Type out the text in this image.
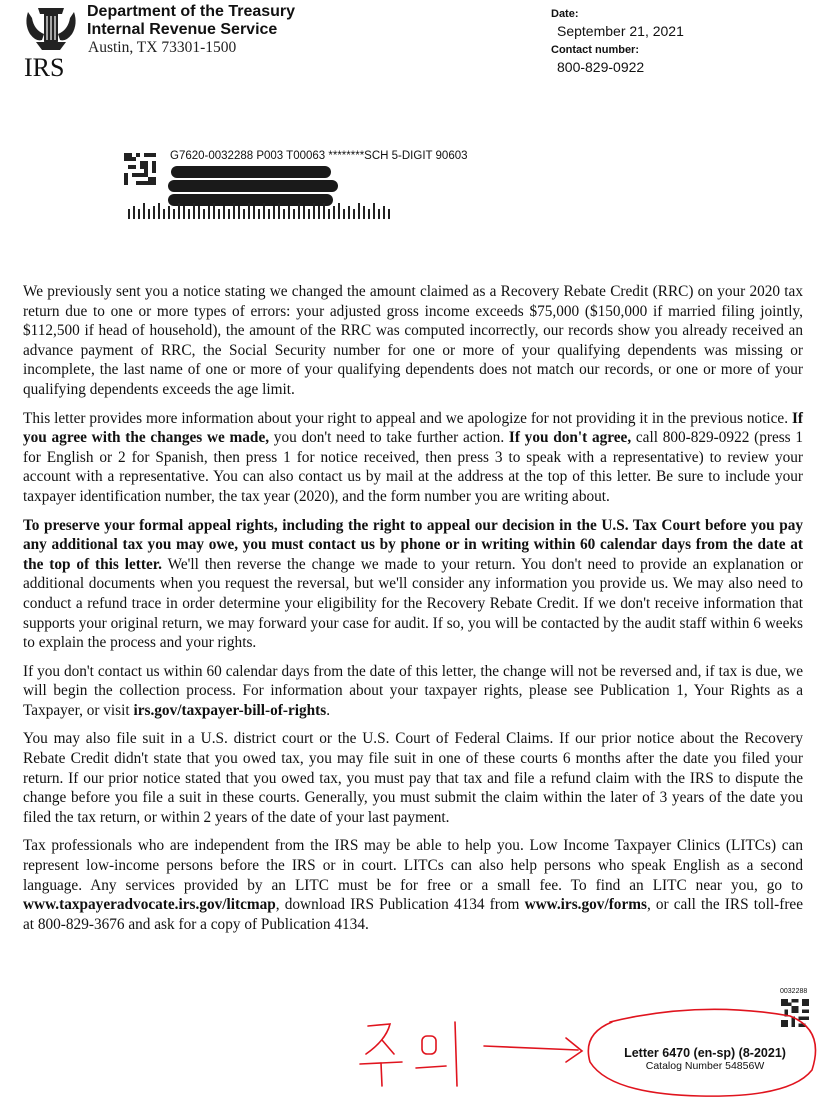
IRS
Department of the Treasury
Internal Revenue Service
Austin, TX 73301-1500
Date:
September 21, 2021
Contact number:
800-829-0922
G7620-0032288 P003 T00063 ********SCH 5-DIGIT 90603

We previously sent you a notice stating we changed the amount claimed as a Recovery Rebate Credit (RRC) on your 2020 tax return due to one or more types of errors: your adjusted gross income exceeds $75,000 ($150,000 if married filing jointly, $112,500 if head of household), the amount of the RRC was computed incorrectly, our records show you already received an advance payment of RRC, the Social Security number for one or more of your qualifying dependents was missing or incomplete, the last name of one or more of your qualifying dependents does not match our records, or one or more of your qualifying dependents exceeds the age limit.

This letter provides more information about your right to appeal and we apologize for not providing it in the previous notice. If you agree with the changes we made, you don't need to take further action. If you don't agree, call 800-829-0922 (press 1 for English or 2 for Spanish, then press 1 for notice received, then press 3 to speak with a representative) to review your account with a representative. You can also contact us by mail at the address at the top of this letter. Be sure to include your taxpayer identification number, the tax year (2020), and the form number you are writing about.

To preserve your formal appeal rights, including the right to appeal our decision in the U.S. Tax Court before you pay any additional tax you may owe, you must contact us by phone or in writing within 60 calendar days from the date at the top of this letter. We'll then reverse the change we made to your return. You don't need to provide an explanation or additional documents when you request the reversal, but we'll consider any information you provide us. We may also need to conduct a refund trace in order determine your eligibility for the Recovery Rebate Credit. If we don't receive information that supports your original return, we may forward your case for audit. If so, you will be contacted by the audit staff within 6 weeks to explain the process and your rights.

If you don't contact us within 60 calendar days from the date of this letter, the change will not be reversed and, if tax is due, we will begin the collection process. For information about your taxpayer rights, please see Publication 1, Your Rights as a Taxpayer, or visit irs.gov/taxpayer-bill-of-rights.

You may also file suit in a U.S. district court or the U.S. Court of Federal Claims. If our prior notice about the Recovery Rebate Credit didn't state that you owed tax, you may file suit in one of these courts 6 months after the date you filed your return. If our prior notice stated that you owed tax, you must pay that tax and file a refund claim with the IRS to dispute the change before you file a suit in these courts. Generally, you must submit the claim within the later of 3 years of the date you filed the tax return, or within 2 years of the date of your last payment.

Tax professionals who are independent from the IRS may be able to help you. Low Income Taxpayer Clinics (LITCs) can represent low-income persons before the IRS or in court. LITCs can also help persons who speak English as a second language. Any services provided by an LITC must be for free or a small fee. To find an LITC near you, go to www.taxpayeradvocate.irs.gov/litcmap, download IRS Publication 4134 from www.irs.gov/forms, or call the IRS toll-free at 800-829-3676 and ask for a copy of Publication 4134.

0032288
Letter 6470 (en-sp) (8-2021)
Catalog Number 54856W
주의
